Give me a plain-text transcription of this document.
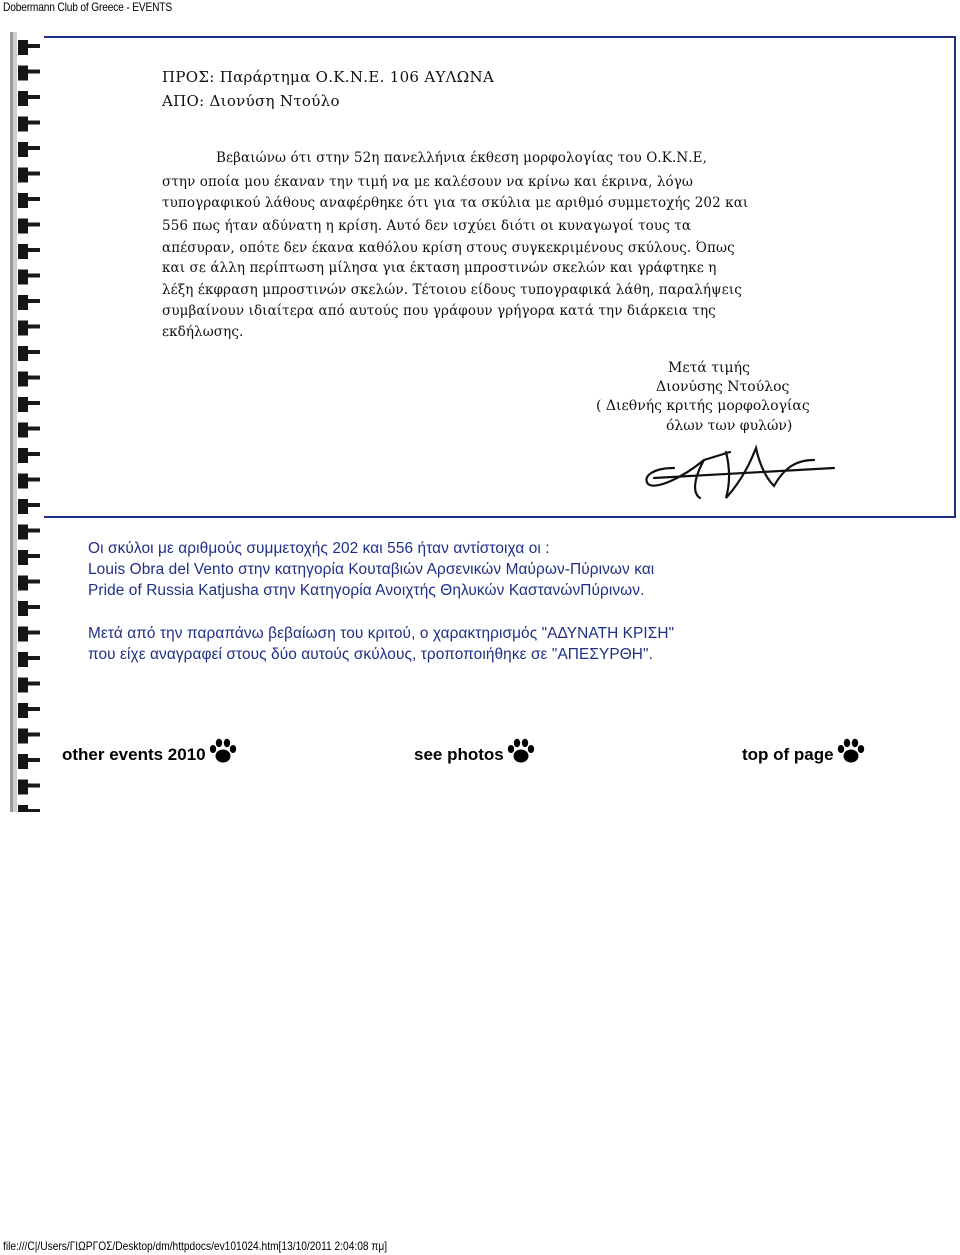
Dobermann Club of Greece - EVENTS
ΠΡΟΣ: Παράρτημα Ο.Κ.Ν.Ε. 106 ΑΥΛΩΝΑ
ΑΠΟ: Διονύση Ντούλο
Βεβαιώνω ότι στην 52η πανελλήνια έκθεση μορφολογίας του Ο.Κ.Ν.Ε,
στην οποία μου έκαναν την τιμή να με καλέσουν να κρίνω και έκρινα, λόγω
τυπογραφικού λάθους αναφέρθηκε ότι για τα σκύλια με αριθμό συμμετοχής 202 και
556 πως ήταν αδύνατη η κρίση. Αυτό δεν ισχύει διότι οι κυναγωγοί τους τα
απέσυραν, οπότε δεν έκανα καθόλου κρίση στους συγκεκριμένους σκύλους. Όπως
και σε άλλη περίπτωση μίλησα για έκταση μπροστινών σκελών και γράφτηκε η
λέξη έκφραση μπροστινών σκελών. Τέτοιου είδους τυπογραφικά λάθη, παραλήψεις
συμβαίνουν ιδιαίτερα από αυτούς που γράφουν γρήγορα κατά την διάρκεια της
εκδήλωσης.
Μετά τιμής
Διονύσης Ντούλος
( Διεθνής κριτής μορφολογίας
όλων των φυλών)

Οι σκύλοι με αριθμούς συμμετοχής 202 και 556 ήταν αντίστοιχα οι :

Louis Obra del Vento στην κατηγορία Κουταβιών Αρσενικών Μαύρων-Πύρινων και

Pride of Russia Katjusha στην Κατηγορία Ανοιχτής Θηλυκών ΚαστανώνΠύρινων.

Μετά από την παραπάνω βεβαίωση του κριτού, ο χαρακτηρισμός "ΑΔΥΝΑΤΗ ΚΡΙΣΗ"

που είχε αναγραφεί στους δύο αυτούς σκύλους, τροποποιήθηκε σε "ΑΠΕΣΥΡΘΗ".

other events 2010	see photos	top of page
file:///C|/Users/ΓΙΩΡΓΟΣ/Desktop/dm/httpdocs/ev101024.htm[13/10/2011 2:04:08 πμ]
